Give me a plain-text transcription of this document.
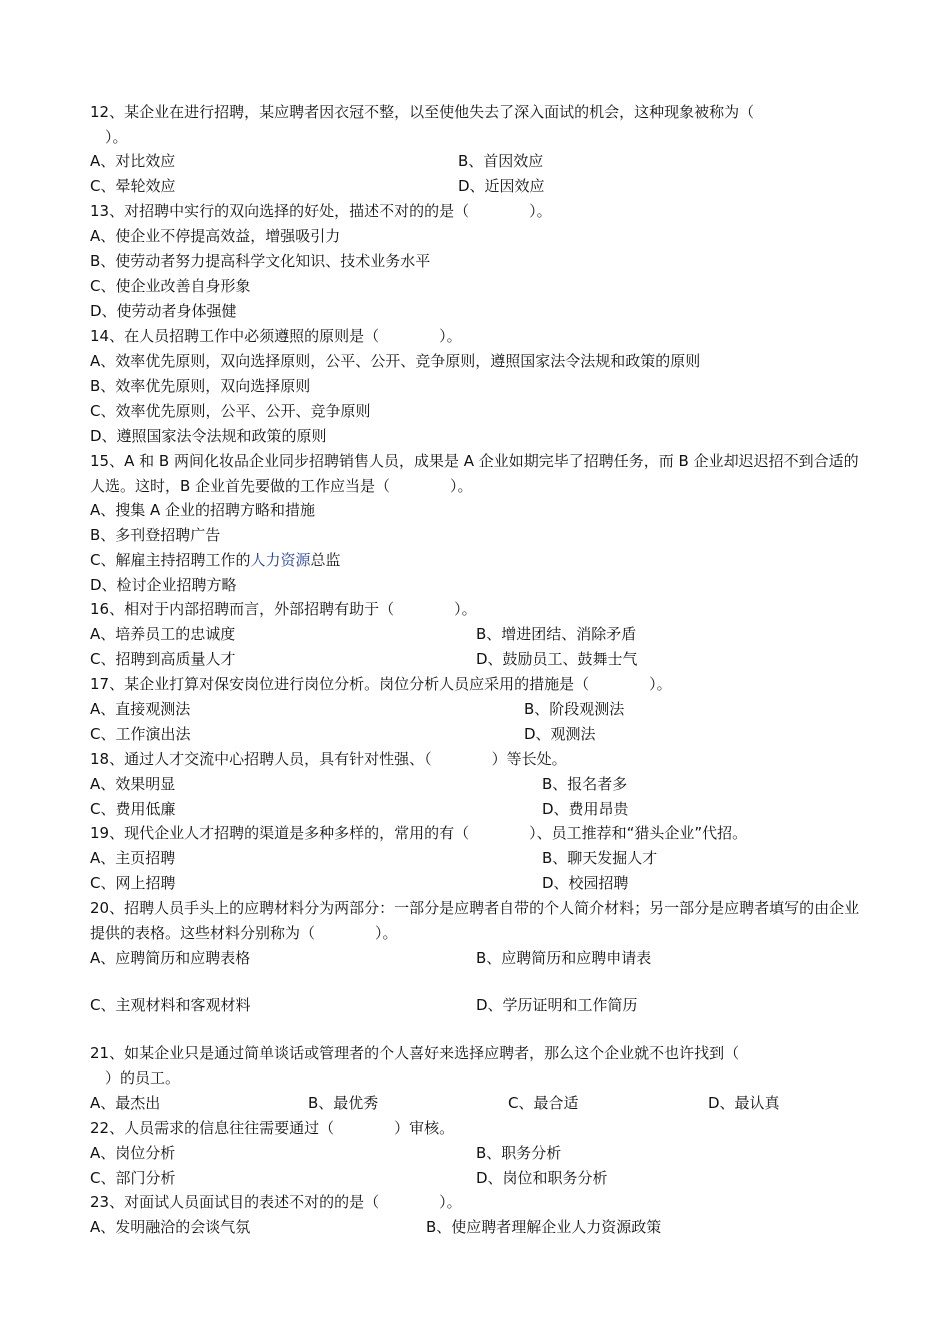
12、某企业在进行招聘，某应聘者因衣冠不整，以至使他失去了深入面试的机会，这种现象被称为（
　）。
A、对比效应	B、首因效应
C、晕轮效应	D、近因效应
13、对招聘中实行的双向选择的好处，描述不对的的是（　　　　）。
A、使企业不停提高效益，增强吸引力
B、使劳动者努力提高科学文化知识、技术业务水平
C、使企业改善自身形象
D、使劳动者身体强健
14、在人员招聘工作中必须遵照的原则是（　　　　）。
A、效率优先原则，双向选择原则，公平、公开、竞争原则，遵照国家法令法规和政策的原则
B、效率优先原则，双向选择原则
C、效率优先原则，公平、公开、竞争原则
D、遵照国家法令法规和政策的原则
15、A 和 B 两间化妆品企业同步招聘销售人员，成果是 A 企业如期完毕了招聘任务，而 B 企业却迟迟招不到合适的人选。这时，B 企业首先要做的工作应当是（　　　　）。
A、搜集 A 企业的招聘方略和措施
B、多刊登招聘广告
C、解雇主持招聘工作的人力资源总监
D、检讨企业招聘方略
16、相对于内部招聘而言，外部招聘有助于（　　　　）。
A、培养员工的忠诚度	B、增进团结、消除矛盾
C、招聘到高质量人才	D、鼓励员工、鼓舞士气
17、某企业打算对保安岗位进行岗位分析。岗位分析人员应采用的措施是（　　　　）。
A、直接观测法	B、阶段观测法
C、工作演出法	D、观测法
18、通过人才交流中心招聘人员，具有针对性强、（　　　　）等长处。
A、效果明显	B、报名者多
C、费用低廉	D、费用昂贵
19、现代企业人才招聘的渠道是多种多样的，常用的有（　　　　）、员工推荐和“猎头企业”代招。
A、主页招聘	B、聊天发掘人才
C、网上招聘	D、校园招聘
20、招聘人员手头上的应聘材料分为两部分：一部分是应聘者自带的个人简介材料；另一部分是应聘者填写的由企业提供的表格。这些材料分别称为（　　　　）。
A、应聘简历和应聘表格	B、应聘简历和应聘申请表
C、主观材料和客观材料	D、学历证明和工作简历
21、如某企业只是通过简单谈话或管理者的个人喜好来选择应聘者，那么这个企业就不也许找到（
　）的员工。
A、最杰出	B、最优秀	C、最合适	D、最认真
22、人员需求的信息往往需要通过（　　　　）审核。
A、岗位分析	B、职务分析
C、部门分析	D、岗位和职务分析
23、对面试人员面试目的表述不对的的是（　　　　）。
A、发明融洽的会谈气氛	B、使应聘者理解企业人力资源政策
